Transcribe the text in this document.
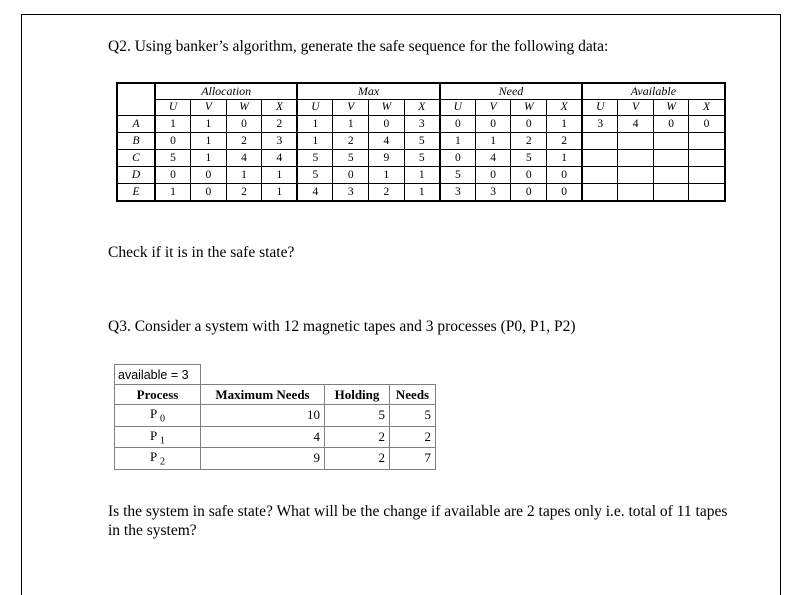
Q2. Using banker’s algorithm, generate the safe sequence for the following data:
	Allocation				Max				Need				Available			
	U	V	W	X	U	V	W	X	U	V	W	X	U	V	W	X
A	1	1	0	2	1	1	0	3	0	0	0	1	3	4	0	0
B	0	1	2	3	1	2	4	5	1	1	2	2				
C	5	1	4	4	5	5	9	5	0	4	5	1				
D	0	0	1	1	5	0	1	1	5	0	0	0				
E	1	0	2	1	4	3	2	1	3	3	0	0				
Check if it is in the safe state?
Q3. Consider a system with 12 magnetic tapes and 3 processes (P0, P1, P2)
available = 3			
Process	Maximum Needs	Holding	Needs
P $_0$	10	5	5
P $_1$	4	2	2
P $_2$	9	2	7
Is the system in safe state? What will be the change if available are 2 tapes only i.e. total of 11 tapes in the system?
